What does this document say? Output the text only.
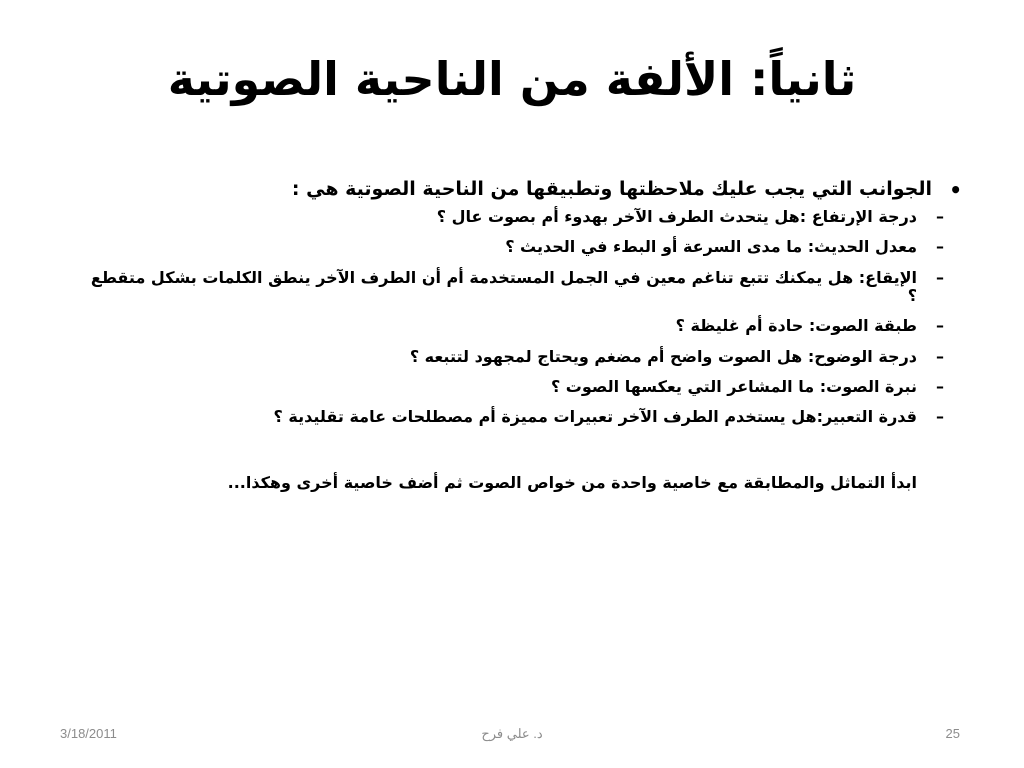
ثانياً: الألفة من الناحية الصوتية
•
الجوانب التي يجب عليك ملاحظتها وتطبيقها من الناحية الصوتية هي :
–
درجة الإرتفاع :هل يتحدث الطرف الآخر بهدوء أم بصوت عال ؟
–
معدل الحديث: ما مدى السرعة أو البطء في الحديث ؟
–
الإيقاع: هل يمكنك تتبع تناغم معين في الجمل المستخدمة أم أن الطرف الآخر ينطق الكلمات بشكل متقطع ؟
–
طبقة الصوت: حادة أم غليظة ؟
–
درجة الوضوح: هل الصوت واضح أم مضغم ويحتاج لمجهود لتتبعه ؟
–
نبرة الصوت: ما المشاعر التي يعكسها الصوت ؟
–
قدرة التعبير:هل يستخدم الطرف الآخر تعبيرات مميزة أم مصطلحات عامة تقليدية ؟
ابدأ التماثل والمطابقة مع خاصية واحدة من خواص الصوت ثم أضف خاصية أخرى وهكذا...
3/18/2011	د. علي فرح	25
